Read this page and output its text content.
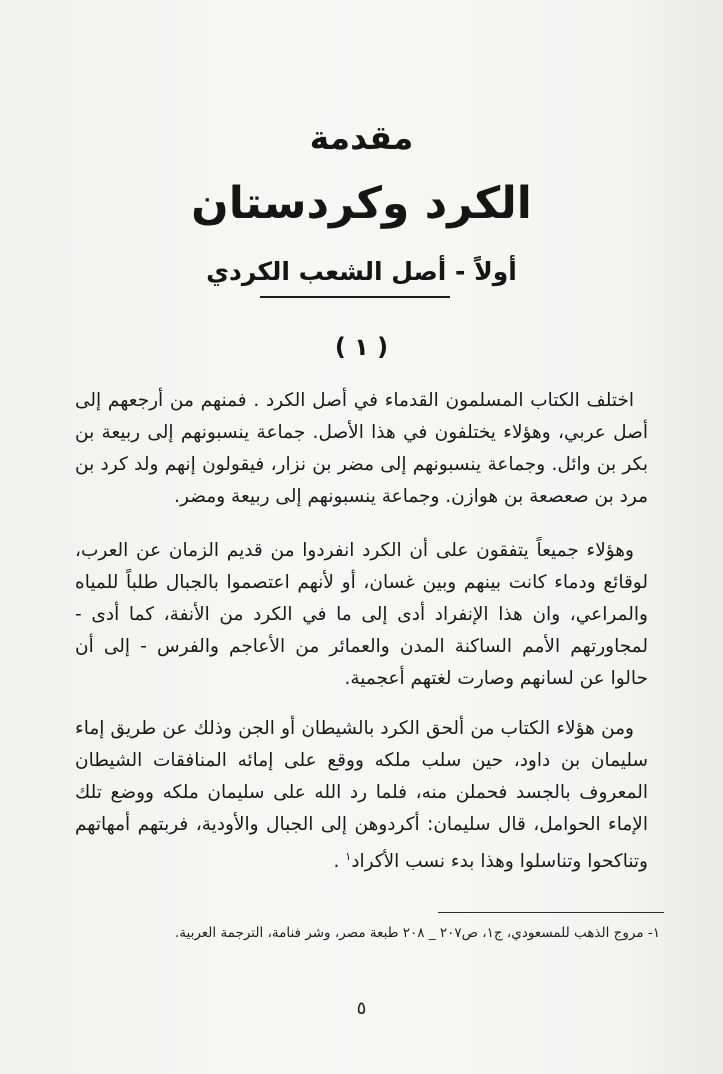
مقدمة
الكرد وكردستان
أولاً - أصل الشعب الكردي
( ١ )

اختلف الكتاب المسلمون القدماء في أصل الكرد . فمنهم من أرجعهم إلى أصل عربي، وهؤلاء يختلفون في هذا الأصل. جماعة ينسبونهم إلى ربيعة بن بكر بن وائل. وجماعة ينسبونهم إلى مضر بن نزار، فيقولون إنهم ولد كرد بن مرد بن صعصعة بن هوازن. وجماعة ينسبونهم إلى ربيعة ومضر.

وهؤلاء جميعاً يتفقون على أن الكرد انفردوا من قديم الزمان عن العرب، لوقائع ودماء كانت بينهم وبين غسان، أو لأنهم اعتصموا بالجبال طلباً للمياه والمراعي، وان هذا الإنفراد أدى إلى ما في الكرد من الأنفة، كما أدى - لمجاورتهم الأمم الساكنة المدن والعمائر من الأعاجم والفرس - إلى أن حالوا عن لسانهم وصارت لغتهم أعجمية.

ومن هؤلاء الكتاب من ألحق الكرد بالشيطان أو الجن وذلك عن طريق إماء سليمان بن داود، حين سلب ملكه ووقع على إمائه المنافقات الشيطان المعروف بالجسد فحملن منه، فلما رد الله على سليمان ملكه ووضع تلك الإماء الحوامل، قال سليمان: أكردوهن إلى الجبال والأودية، فربتهم أمهاتهم وتناكحوا وتناسلوا وهذا بدء نسب الأكراد$^١$ .

١- مروج الذهب للمسعودي، ج١، ص٢٠٧ _ ٢٠٨ طبعة مصر، وشر فنامة، الترجمة العربية.
٥
